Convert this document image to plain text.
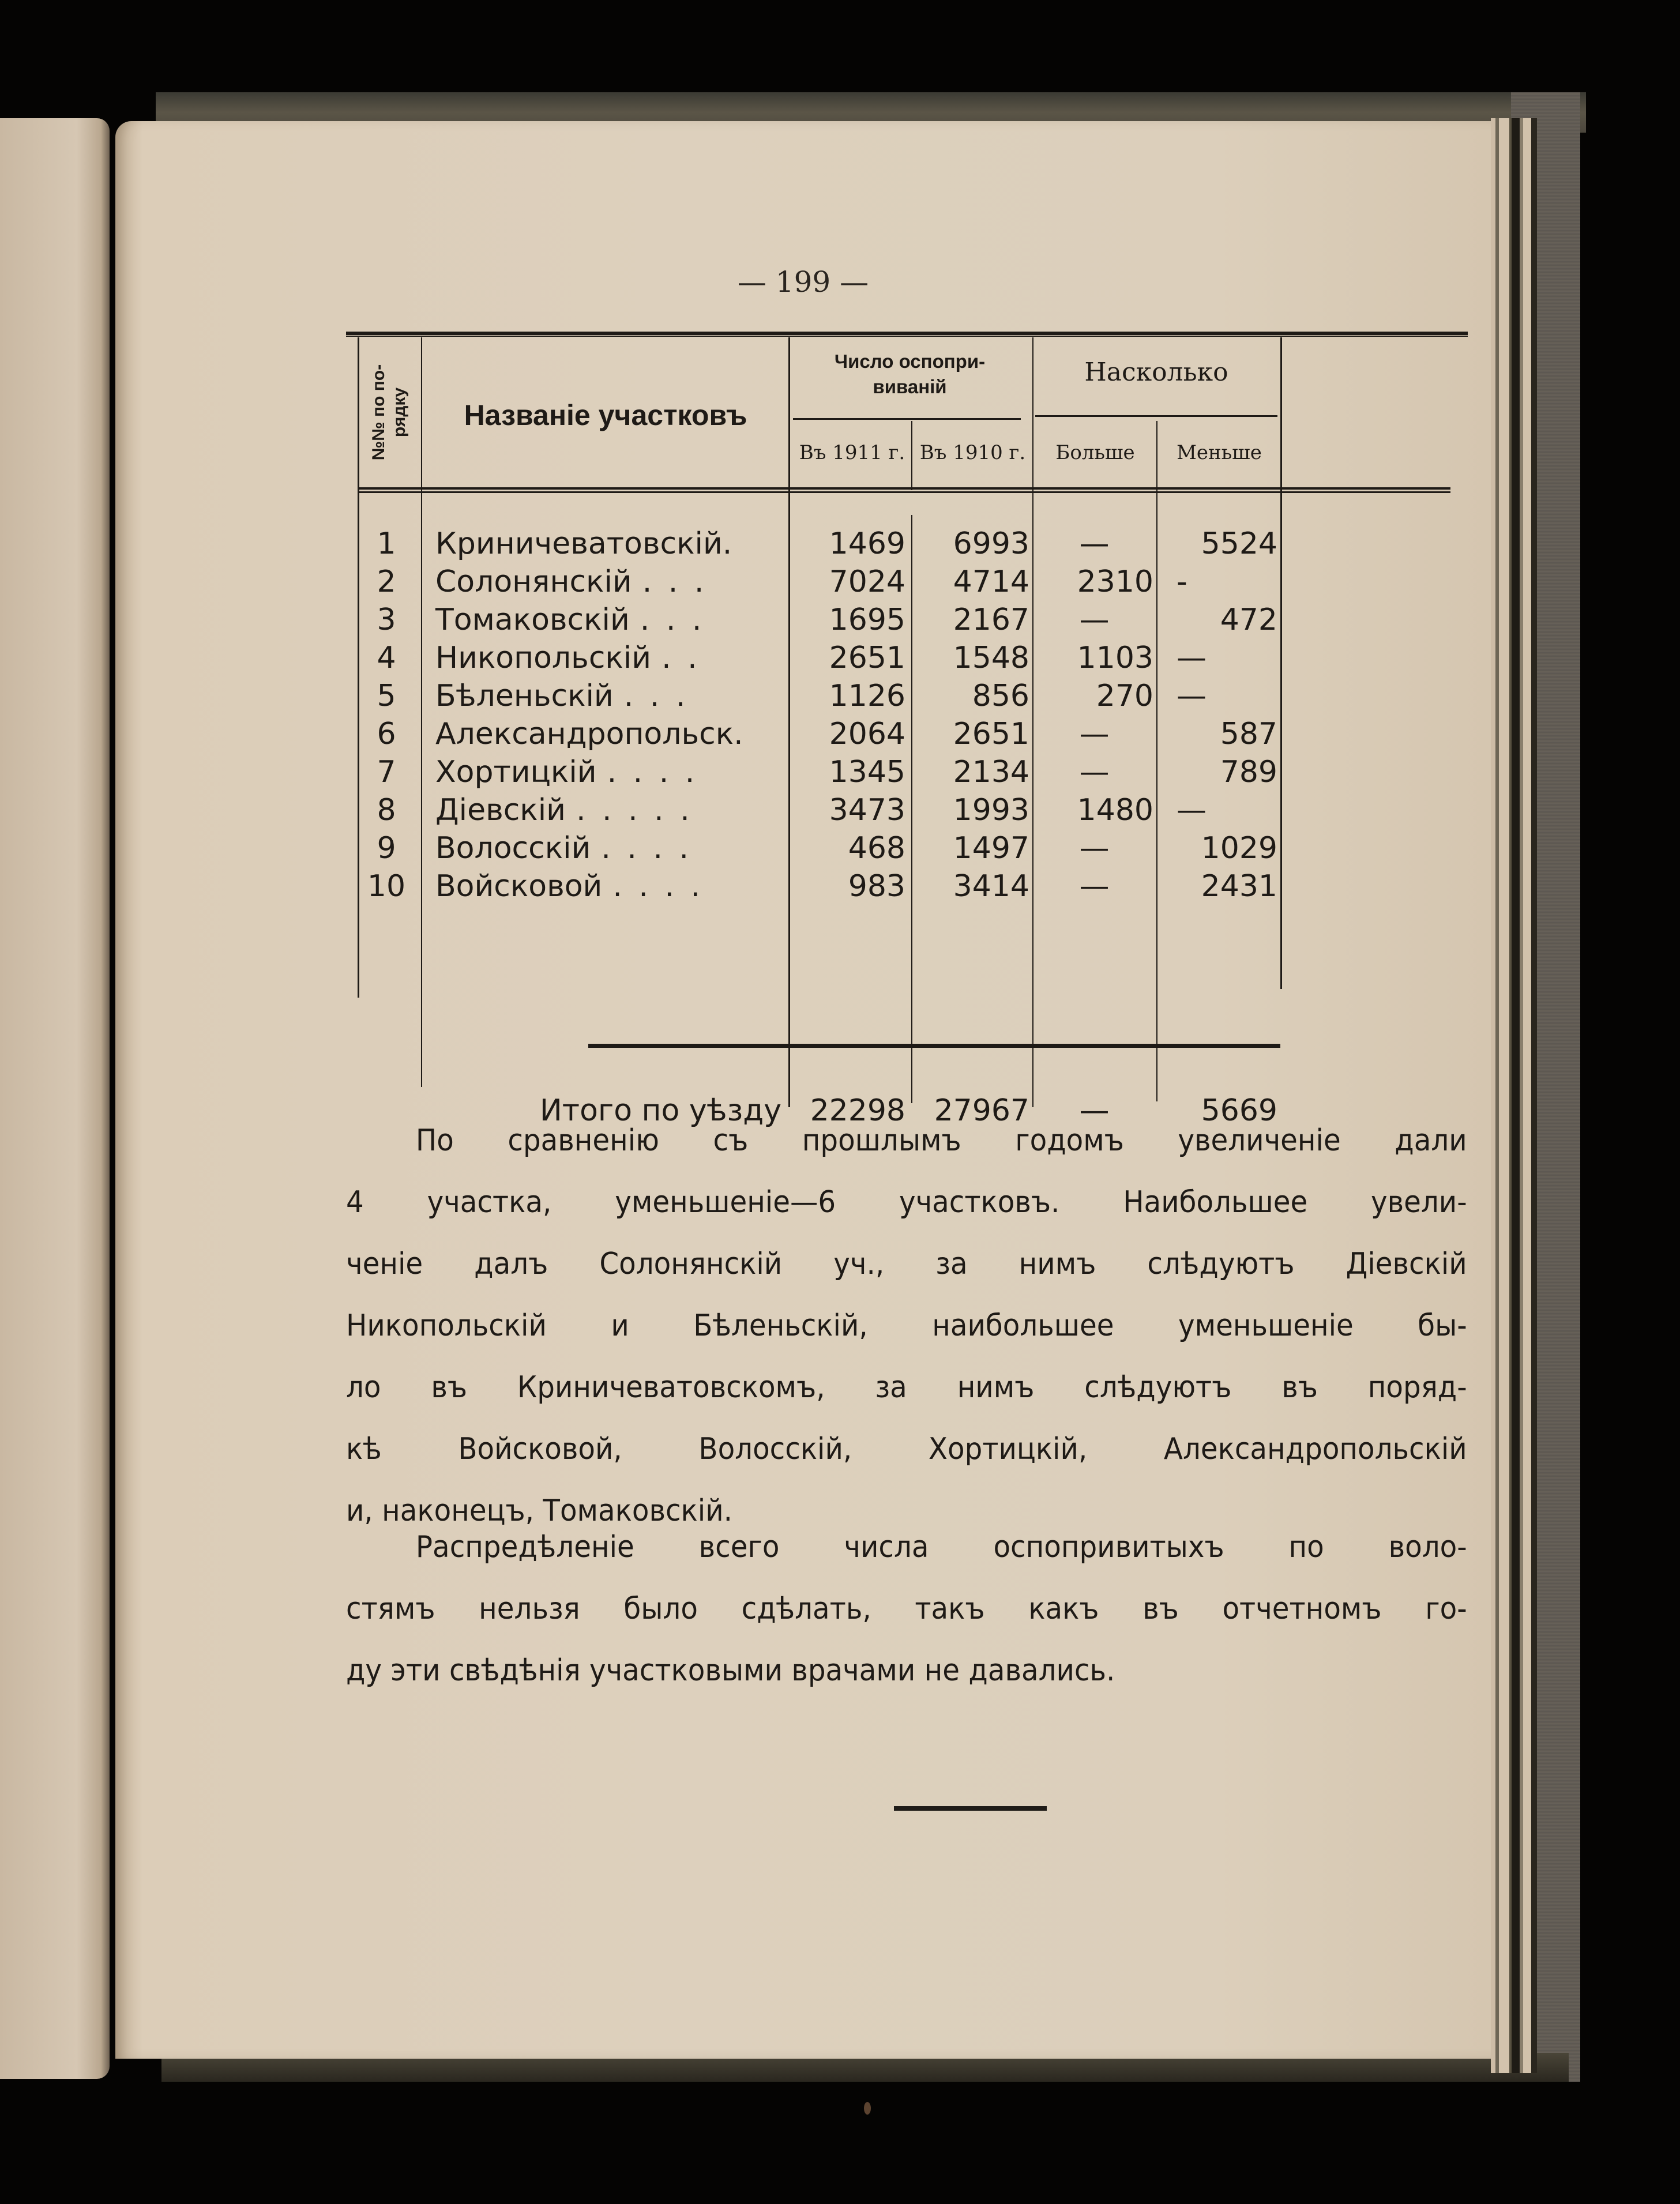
— 199 —
№№ по по- рядку	Названіе участковъ
Число оспопри-
виваній	Насколько
Въ 1911 г. Въ 1910 г.	Больше	Меньше
1	Криничеватовскій.	1469	6993	—	5524
2	Солонянскій . . .	7024	4714	2310 -
3	Томаковскій . . .	1695	2167	—	472
4	Никопольскій . .	2651	1548	1103 —
5	Бѣленьскій . . .	1126	856	270 —
6	Александропольск.	2064	2651	—	587
7	Хортицкій . . . .	1345	2134	—	789
8	Діевскій . . . . .	3473	1993	1480 —
9	Волосскій . . . .	468	1497	—	1029
10 Войсковой . . . .	983	3414	—	2431
Итого по уѣзду 22298 27967	—	5669
По сравненію съ прошлымъ годомъ увеличеніе дали
4 участка, уменьшеніе—6 участковъ. Наибольшее увели-
ченіе далъ Солонянскій уч., за нимъ слѣдуютъ Діевскій
Никопольскій и Бѣленьскій, наибольшее уменьшеніе бы-
ло въ Криничеватовскомъ, за нимъ слѣдуютъ въ поряд-
кѣ Войсковой, Волосскій, Хортицкій, Александропольскій
и, наконецъ, Томаковскій.
Распредѣленіе всего числа оспопривитыхъ по воло-
стямъ нельзя было сдѣлать, такъ какъ въ отчетномъ го-
ду эти свѣдѣнія участковыми врачами не давались.
